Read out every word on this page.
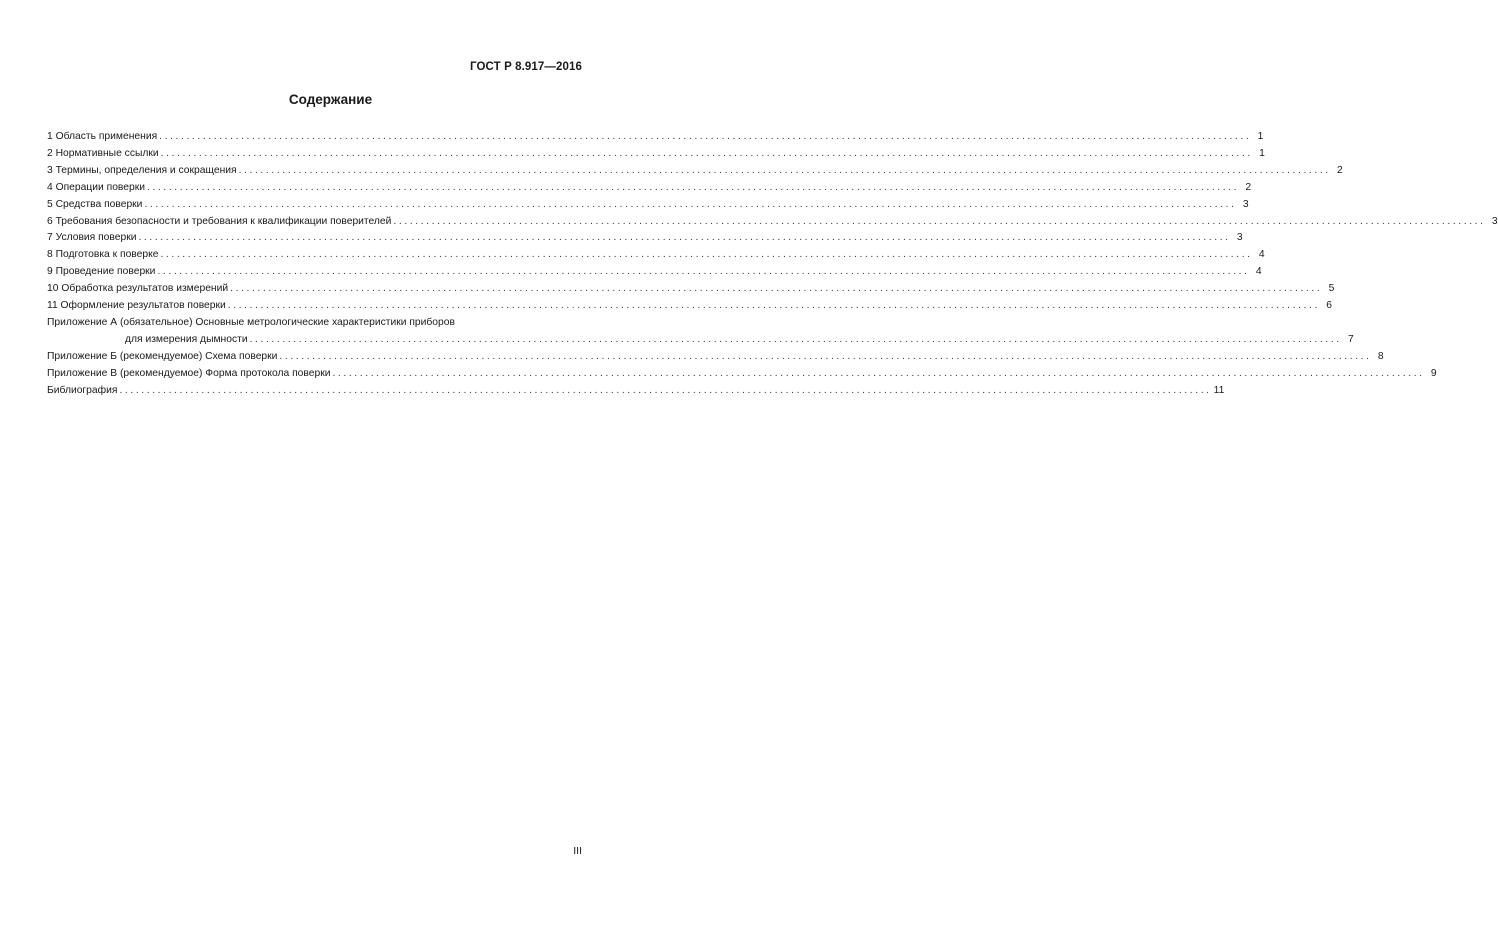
ГОСТ Р 8.917—2016
Содержание
1 Область применения ........................................................................................................................................................................................................ 1
2 Нормативные ссылки ........................................................................................................................................................................................................ 1
3 Термины, определения и сокращения ........................................................................................................................................................................................................ 2
4 Операции поверки ........................................................................................................................................................................................................ 2
5 Средства поверки ........................................................................................................................................................................................................ 3
6 Требования безопасности и требования к квалификации поверителей ........................................................................................................................................................................................................ 3
7 Условия поверки ........................................................................................................................................................................................................ 3
8 Подготовка к поверке ........................................................................................................................................................................................................ 4
9 Проведение поверки ........................................................................................................................................................................................................ 4
10 Обработка результатов измерений ........................................................................................................................................................................................................ 5
11 Оформление результатов поверки ........................................................................................................................................................................................................ 6
Приложение А (обязательное) Основные метрологические характеристики приборов
для измерения дымности ........................................................................................................................................................................................................ 7
Приложение Б (рекомендуемое) Схема поверки ........................................................................................................................................................................................................ 8
Приложение В (рекомендуемое) Форма протокола поверки ........................................................................................................................................................................................................ 9
Библиография ........................................................................................................................................................................................................ 11
III
